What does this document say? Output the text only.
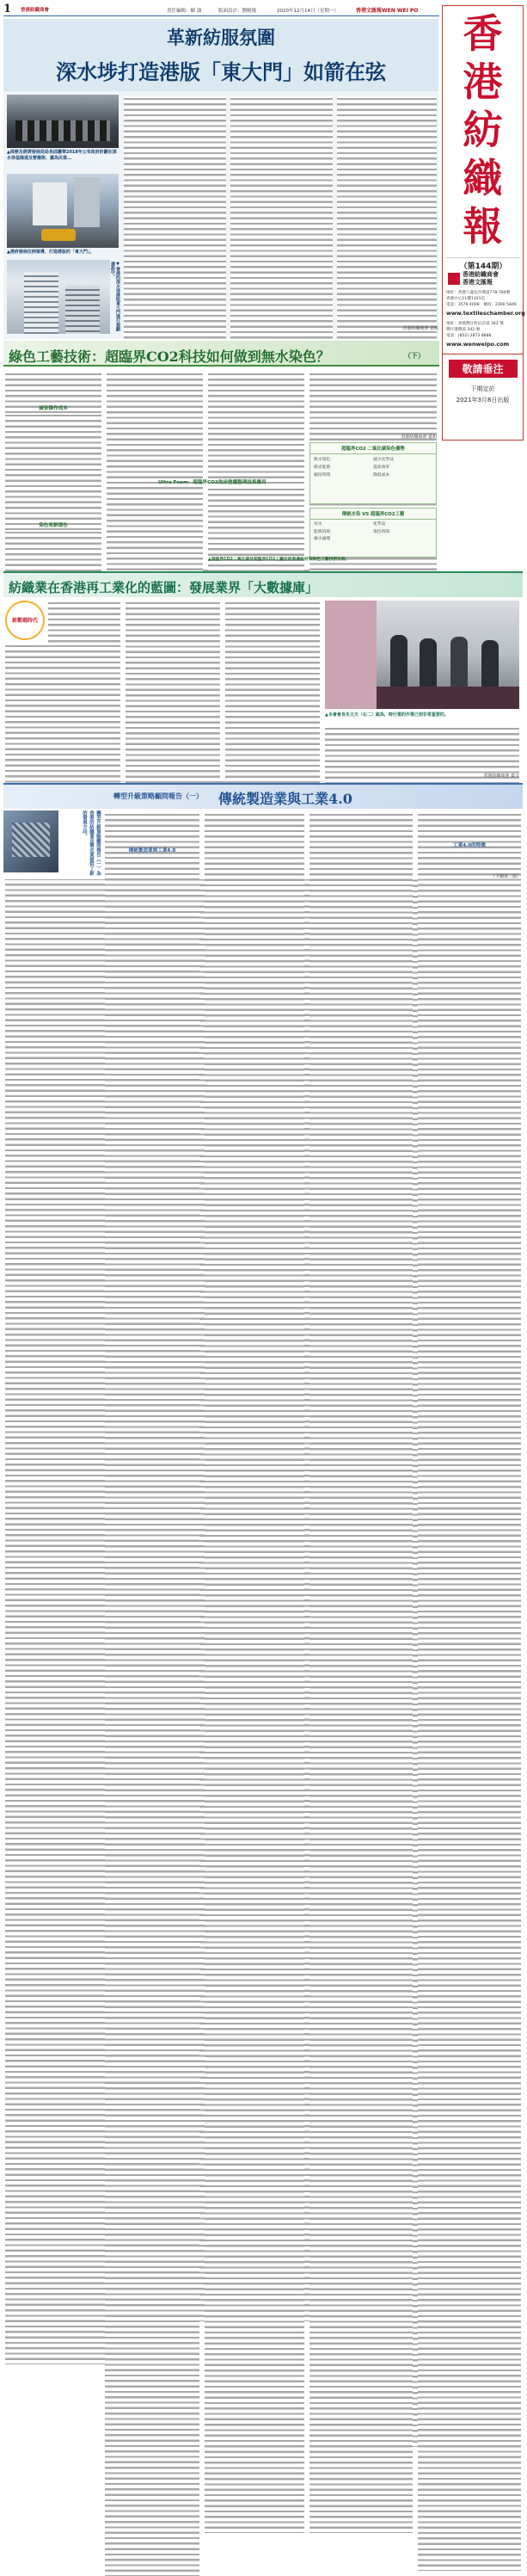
1 香港紡織商會	責任編輯：陳 濤	版面設計：劉曉瑰	2020年12月14日（星期一）	香港文匯報WEN WEI PO	香
港
紡
織
報
（第144期）
香港紡織商會
香港文匯報
地址：香港九龍長沙灣道778-784號
香港中心11樓1101室
電話：3579 4008　傳真：2360 5846
www.textileschamber.org
地址：香港灣仔軒尼詩道 342 號
灣仔港灣道 342 號
電話：(852) 2873 8888
www.wenweipo.com
敬請垂注
下期定於
2021年3月8日出版
革新紡服氛圍
深水埗打造港版「東大門」如箭在弦
▲商務及經濟發展局局長邱騰華2018年公布政府計劃在深水埗基隆道及營盤街、露為民推…
▲港府發展位例領導，打造港版的「東大門」。
▼香港的深水埗港版東大門進行規劃建設中。
香港紡織商會 嘉彬
綠色工藝技術：超臨界CO2科技如何做到無水染色？	（下）
減省操作成本
染色更新提色
Ultra Foam：超臨界CO2泡沫塗覆整理技術應用
香港紡織商會 嘉和
超臨界CO2 二氧化碳染色優勢
無水染色	減少化學品
節省能源	提高效率
縮短時間	降低成本
傳統水染 VS 超臨界CO2工藝
用水	化學品
能源消耗	染色時間
廢水處理
▲超臨界CO2二氧化碳材超臨界CO2工藝技術與傳統材染染色工藝技術比較。
紡織業在香港再工業化的藍圖：發展業界「大數據庫」
新數碼時代
▲本會會長朱文夫（右二）認為，時行業的作業已刻非常重要的。
香港紡織商會 嘉文
轉型升級策略顧問報告（一） 傳統製造業與工業4.0
轉型升級策略顧問報告（一）為香港的紡織業及製衣業提供了新的發展方向。
傳統製造業與工業4.0
工業4.0的特徵
（下續第二篇）
